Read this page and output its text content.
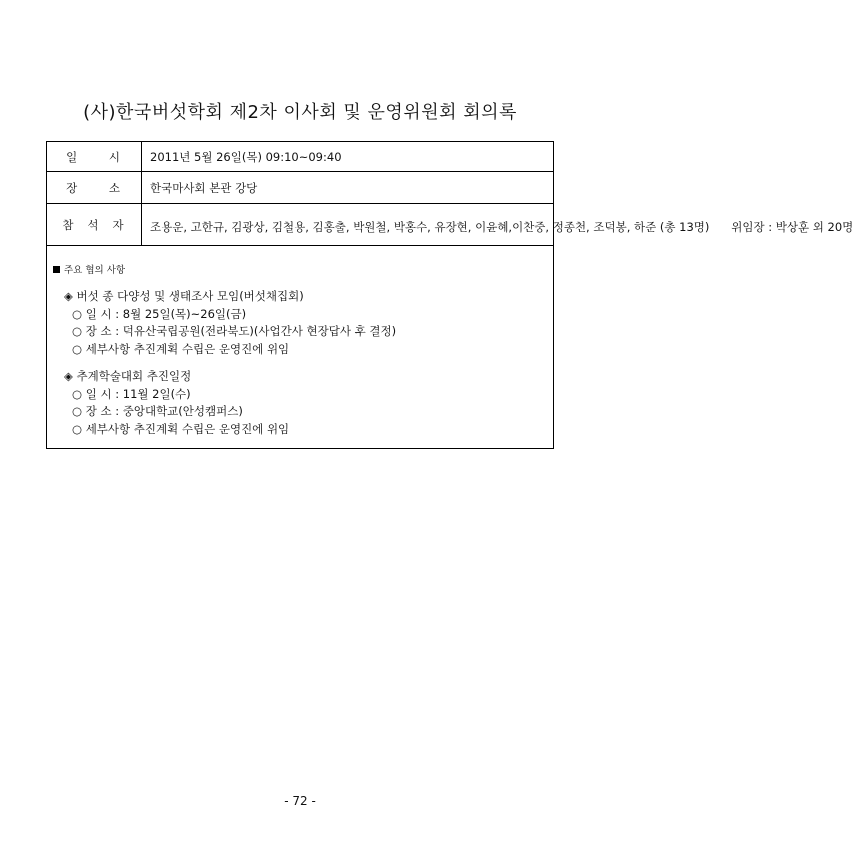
(사)한국버섯학회 제2차 이사회 및 운영위원회 회의록
일 시	2011년 5월 26일(목) 09:10~09:40
장 소	한국마사회 본관 강당
참석자	조용운, 고한규, 김광상, 김철용, 김홍출, 박원철, 박홍수, 유장현, 이윤혜, 이찬중, 정종천, 조덕봉, 하준 (총 13명)      위임장 : 박상훈 외 20명
주요 협의 사항
◈ 버섯 종 다양성 및 생태조사 모임(버섯채집회)
○ 일 시 : 8월 25일(목)~26일(금)
○ 장 소 : 덕유산국립공원(전라북도)(사업간사 현장답사 후 결정)
○ 세부사항 추진계획 수립은 운영진에 위임
◈ 추계학술대회 추진일정
○ 일 시 : 11월 2일(수)
○ 장 소 : 중앙대학교(안성캠퍼스)
○ 세부사항 추진계획 수립은 운영진에 위임
- 72 -
